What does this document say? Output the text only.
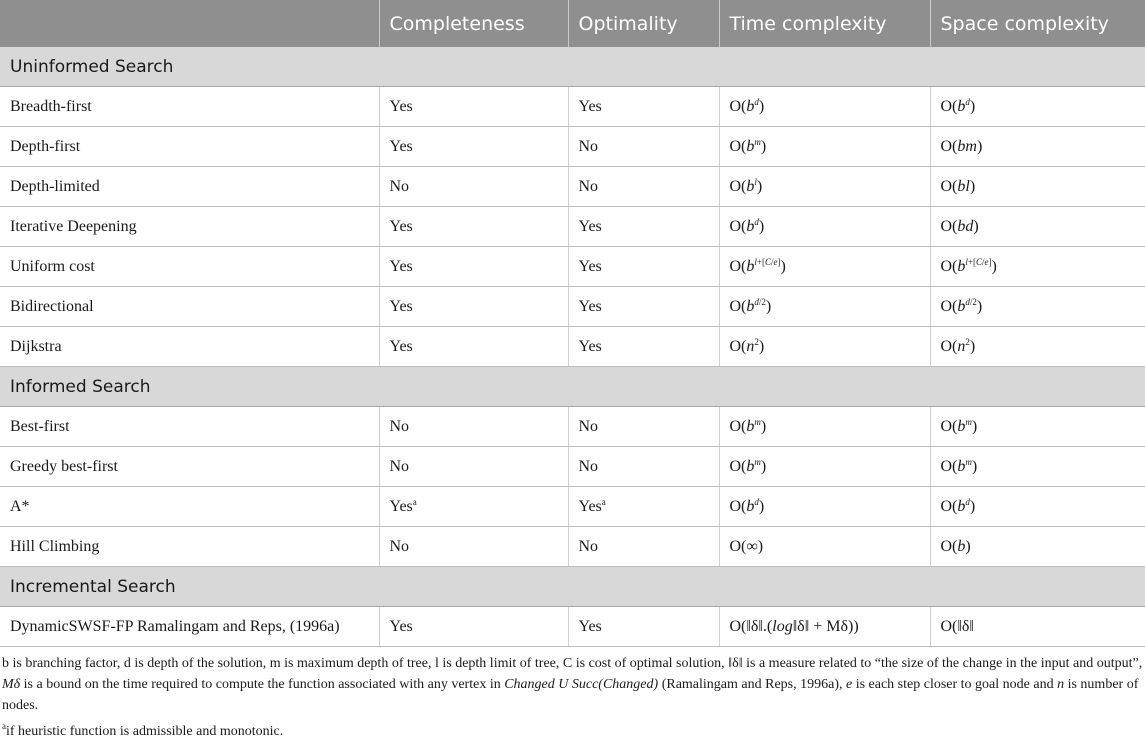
	Completeness	Optimality	Time complexity	Space complexity
Uninformed Search				
Breadth-first	Yes	Yes	$O(b^d)$	$O(b^d)$
Depth-first	Yes	No	$O(b^m)$	O(bm)
Depth-limited	No	No	$O(b^l)$	O(bl)
Iterative Deepening	Yes	Yes	$O(b^d)$	O(bd)
Uniform cost	Yes	Yes	$O(b^{l+[C/e]})$	$O(b^{l+[C/e]})$
Bidirectional	Yes	Yes	$O(b^{d/2})$	$O(b^{d/2})$
Dijkstra	Yes	Yes	$O(n^2)$	$O(n^2)$
Informed Search				
Best-first	No	No	$O(b^m)$	$O(b^m)$
Greedy best-first	No	No	$O(b^m)$	$O(b^m)$
A*	Yes$^a$	Yes$^a$	$O(b^d)$	$O(b^d)$
Hill Climbing	No	No	O(∞)	O(b)
Incremental Search				
DynamicSWSF-FP Ramalingam and Reps, (1996a)	Yes	Yes	O(‖δ‖.(log‖δ‖ + Mδ))	O(‖δ‖

b is branching factor, d is depth of the solution, m is maximum depth of tree, l is depth limit of tree, C is cost of optimal solution, ‖δ‖ is a measure related to “the size of the change in the input and output”, Mδ is a bound on the time required to compute the function associated with any vertex in Changed U Succ(Changed) (Ramalingam and Reps, 1996a), e is each step closer to goal node and n is number of nodes.

$^a$if heuristic function is admissible and monotonic.
